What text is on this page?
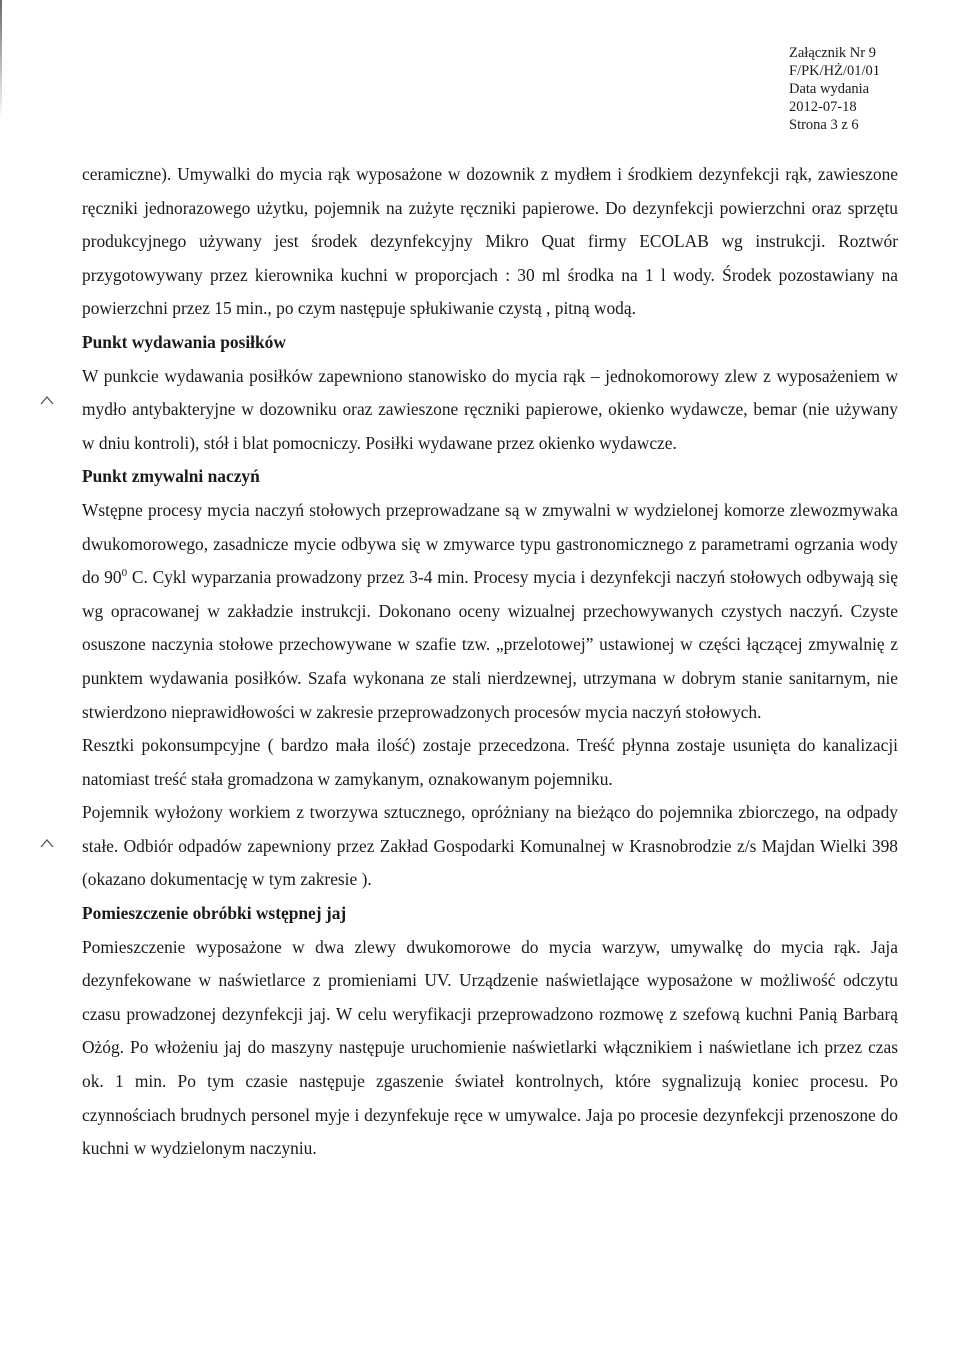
Załącznik Nr 9
F/PK/HŻ/01/01
Data wydania
2012-07-18
Strona 3 z 6
ceramiczne). Umywalki do mycia rąk wyposażone w dozownik z mydłem i środkiem dezynfekcji rąk, zawieszone ręczniki jednorazowego użytku, pojemnik na zużyte ręczniki papierowe. Do dezynfekcji powierzchni oraz sprzętu produkcyjnego używany jest środek dezynfekcyjny Mikro Quat firmy ECOLAB wg instrukcji. Roztwór przygotowywany przez kierownika kuchni w proporcjach : 30 ml środka na 1 l wody. Środek pozostawiany na powierzchni przez 15 min., po czym następuje spłukiwanie czystą , pitną wodą.
Punkt wydawania posiłków
W punkcie wydawania posiłków zapewniono stanowisko do mycia rąk – jednokomorowy zlew z wyposażeniem w mydło antybakteryjne w dozowniku oraz zawieszone ręczniki papierowe, okienko wydawcze, bemar (nie używany w dniu kontroli), stół i blat pomocniczy. Posiłki wydawane przez okienko wydawcze.
Punkt zmywalni naczyń
Wstępne procesy mycia naczyń stołowych przeprowadzane są w zmywalni w wydzielonej komorze zlewozmywaka dwukomorowego, zasadnicze mycie odbywa się w zmywarce typu gastronomicznego z parametrami ogrzania wody do $90^0$ C. Cykl wyparzania prowadzony przez 3-4 min. Procesy mycia i dezynfekcji naczyń stołowych odbywają się wg opracowanej w zakładzie instrukcji. Dokonano oceny wizualnej przechowywanych czystych naczyń. Czyste osuszone naczynia stołowe przechowywane w szafie tzw. „przelotowej” ustawionej w części łączącej zmywalnię z punktem wydawania posiłków. Szafa wykonana ze stali nierdzewnej, utrzymana w dobrym stanie sanitarnym, nie stwierdzono nieprawidłowości w zakresie przeprowadzonych procesów mycia naczyń stołowych.
Resztki pokonsumpcyjne ( bardzo mała ilość) zostaje przecedzona. Treść płynna zostaje usunięta do kanalizacji natomiast treść stała gromadzona w zamykanym, oznakowanym pojemniku.
Pojemnik wyłożony workiem z tworzywa sztucznego, opróżniany na bieżąco do pojemnika zbiorczego, na odpady stałe. Odbiór odpadów zapewniony przez Zakład Gospodarki Komunalnej w Krasnobrodzie z/s Majdan Wielki 398 (okazano dokumentację w tym zakresie ).
Pomieszczenie obróbki wstępnej jaj
Pomieszczenie wyposażone w dwa zlewy dwukomorowe do mycia warzyw, umywalkę do mycia rąk. Jaja dezynfekowane w naświetlarce z promieniami UV. Urządzenie naświetlające wyposażone w możliwość odczytu czasu prowadzonej dezynfekcji jaj. W celu weryfikacji przeprowadzono rozmowę z szefową kuchni Panią Barbarą Ożóg. Po włożeniu jaj do maszyny następuje uruchomienie naświetlarki włącznikiem i naświetlane ich przez czas ok. 1 min. Po tym czasie następuje zgaszenie świateł kontrolnych, które sygnalizują koniec procesu. Po czynnościach brudnych personel myje i dezynfekuje ręce w umywalce. Jaja po procesie dezynfekcji przenoszone do kuchni w wydzielonym naczyniu.
